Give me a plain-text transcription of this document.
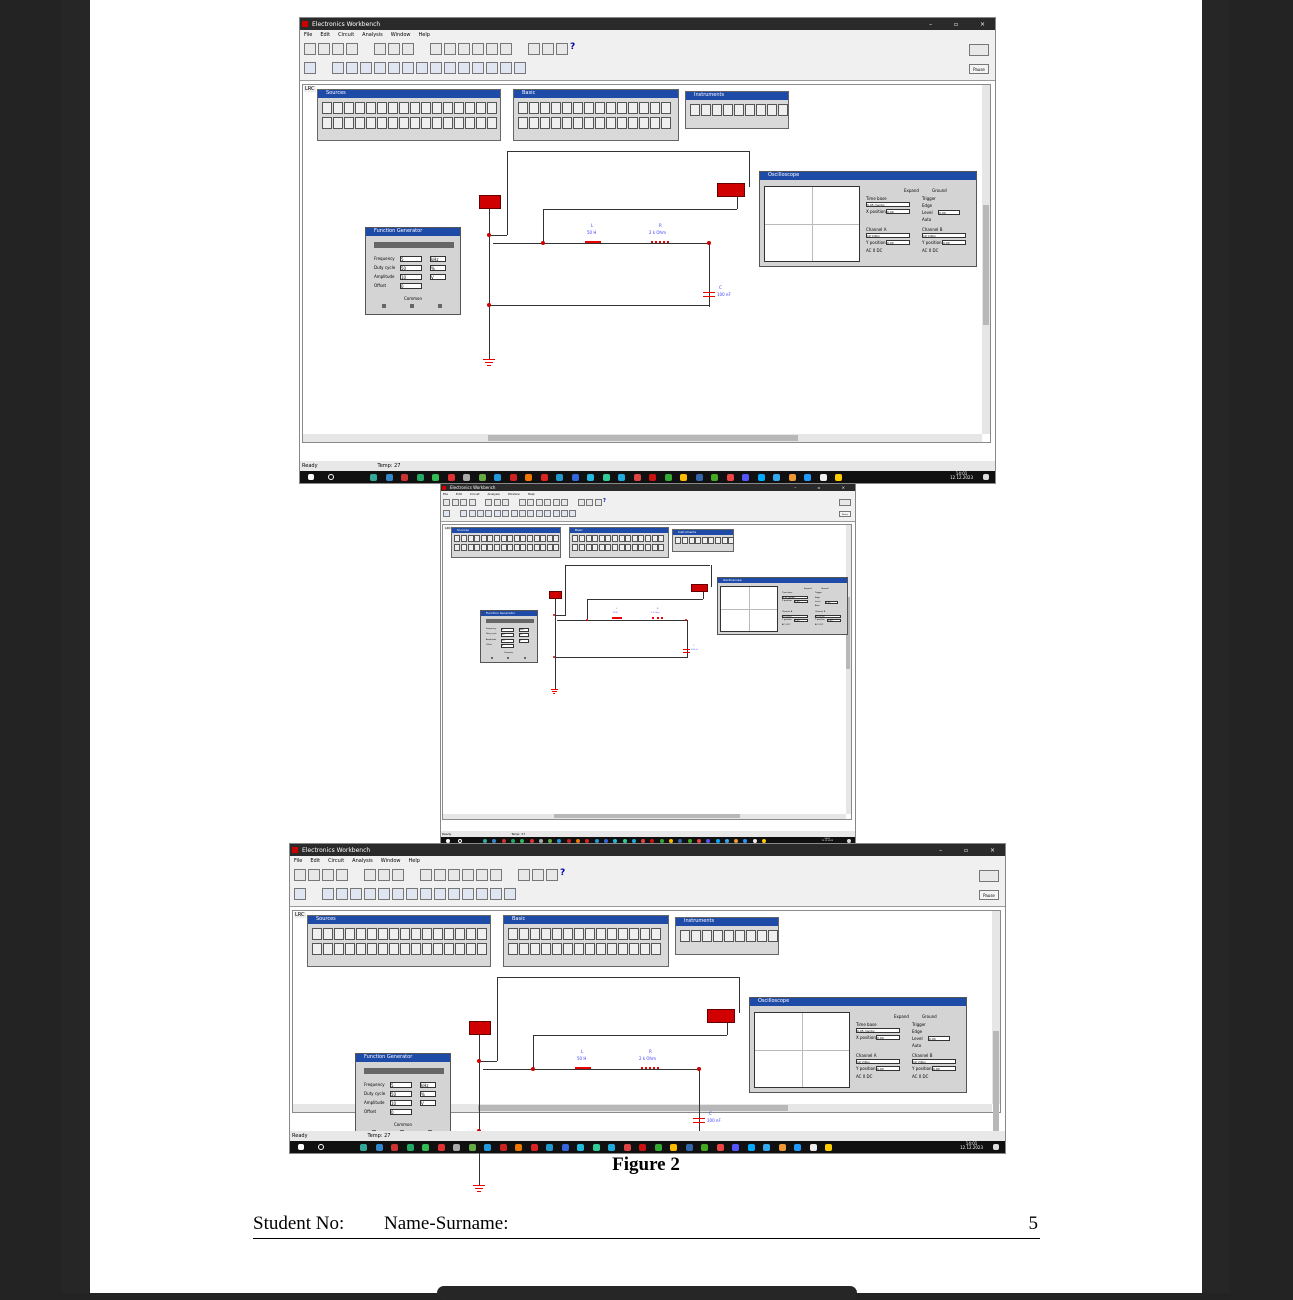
Electronics Workbench	– ▫ ×
File Edit Circuit Analysis Window Help
?
Pause
LRC
Sources	Basic	Instruments
Function Generator
Frequency 5	kHz
Duty cycle 50	%
Amplitude 10	V
Offset	0
Common
Oscilloscope
Expand	Ground
Time base
0.05 ms/div
X position 0.00
Trigger
Edge
Level	0.00
Auto
Channel A
10 V/Div
Channel B
10 V/Div
Y position 0.00	Y position 0.00
AC 0 DC	AC 0 DC
L
50 H
R
2 k Ohm
C
100 nF
Ready	Temp: 27
14:01
12.12.2023
Electronics Workbench	– ▫ ×
File	Edit	Circuit	Analysis	Window	Help
?
Pause
LRC	Sources	Basic	Instruments
Function Generator
Frequency	5	kHz
Duty cycle	50	%
Amplitude	10	V
Offset	0
Common
Oscilloscope
Expand	Ground
Time base
0.05 ms/div
X position	0.00
Trigger
Edge
Level	0.00
Auto
Channel A
10 V/Div
Channel B
10 V/Div
Y position	0.00	Y position	0.00
AC 0 DC	AC 0 DC
L
50 H
R
2 k Ohm
C
100 nF
Ready	Temp: 27
14:01
12.12.2023
Electronics Workbench	– ▫ ×
File Edit Circuit Analysis Window Help
?
Pause
LRC
Sources	Basic	Instruments
Function Generator
Frequency 5	kHz
Duty cycle 50	%
Amplitude 10	V
Offset	0
Common
Oscilloscope
Expand	Ground
Time base
0.05 ms/div
X position 0.00
Trigger
Edge
Level	0.00
Auto
Channel A
10 V/Div
Channel B
10 V/Div
Y position 0.00	Y position 0.00
AC 0 DC	AC 0 DC
L
50 H
R
2 k Ohm
C
100 nF
Ready	Temp: 27
14:01
12.12.2023
Figure 2
Student No: Name-Surname:	5
